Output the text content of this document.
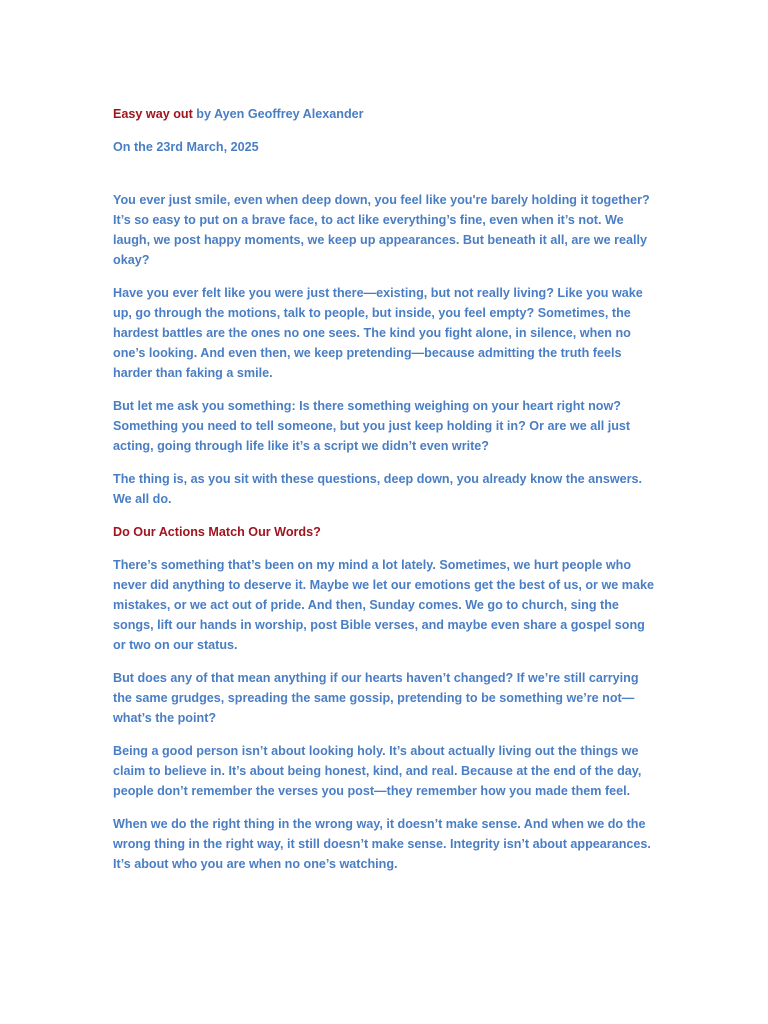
Easy way out by Ayen Geoffrey Alexander

On the 23rd March, 2025

You ever just smile, even when deep down, you feel like you're barely holding it together? It’s so easy to put on a brave face, to act like everything’s fine, even when it’s not. We laugh, we post happy moments, we keep up appearances. But beneath it all, are we really okay?

Have you ever felt like you were just there—existing, but not really living? Like you wake up, go through the motions, talk to people, but inside, you feel empty? Sometimes, the hardest battles are the ones no one sees. The kind you fight alone, in silence, when no one’s looking. And even then, we keep pretending—because admitting the truth feels harder than faking a smile.

But let me ask you something: Is there something weighing on your heart right now? Something you need to tell someone, but you just keep holding it in? Or are we all just acting, going through life like it’s a script we didn’t even write?

The thing is, as you sit with these questions, deep down, you already know the answers. We all do.

Do Our Actions Match Our Words?

There’s something that’s been on my mind a lot lately. Sometimes, we hurt people who never did anything to deserve it. Maybe we let our emotions get the best of us, or we make mistakes, or we act out of pride. And then, Sunday comes. We go to church, sing the songs, lift our hands in worship, post Bible verses, and maybe even share a gospel song or two on our status.

But does any of that mean anything if our hearts haven’t changed? If we’re still carrying the same grudges, spreading the same gossip, pretending to be something we’re not—what’s the point?

Being a good person isn’t about looking holy. It’s about actually living out the things we claim to believe in. It’s about being honest, kind, and real. Because at the end of the day, people don’t remember the verses you post—they remember how you made them feel.

When we do the right thing in the wrong way, it doesn’t make sense. And when we do the wrong thing in the right way, it still doesn’t make sense. Integrity isn’t about appearances. It’s about who you are when no one’s watching.
